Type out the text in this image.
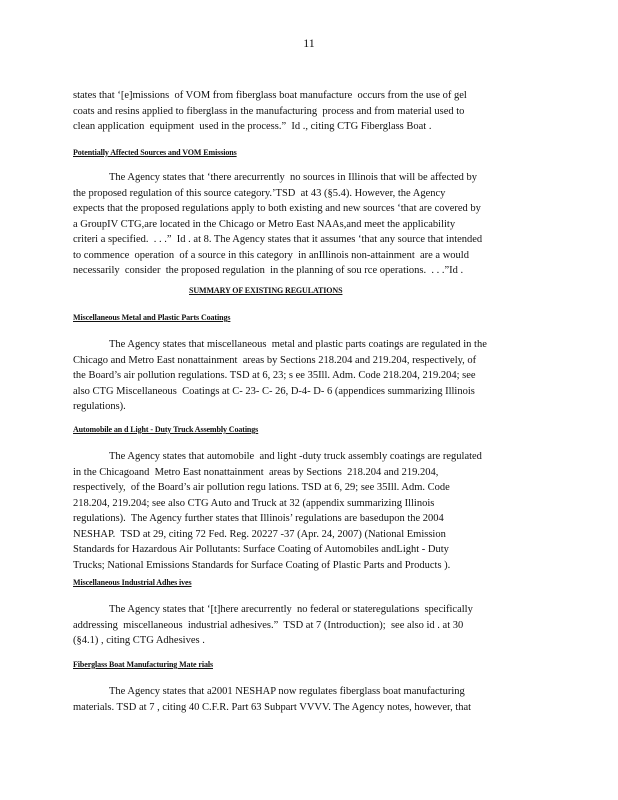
11
states that ‘[e]missions  of VOM from fiberglass boat manufacture  occurs from the use of gel
coats and resins applied to fiberglass in the manufacturing  process and from material used to
clean application  equipment  used in the process.”  Id ., citing CTG Fiberglass Boat .
Potentially Affected Sources and VOM Emissions
The Agency states that ‘there arecurrently  no sources in Illinois that will be affected by
the proposed regulation of this source category.’TSD  at 43 (§5.4). However, the Agency
expects that the proposed regulations apply to both existing and new sources ‘that are covered by
a GroupIV CTG,are located in the Chicago or Metro East NAAs,and meet the applicability
criteri a specified.  . . .”  Id . at 8. The Agency states that it assumes ‘that any source that intended
to commence  operation  of a source in this category  in anIllinois non-attainment  are a would
necessarily  consider  the proposed regulation  in the planning of sou rce operations.  . . .”Id .
SUMMARY OF EXISTING REGULATIONS
Miscellaneous Metal and Plastic Parts Coatings
The Agency states that miscellaneous  metal and plastic parts coatings are regulated in the
Chicago and Metro East nonattainment  areas by Sections 218.204 and 219.204, respectively, of
the Board’s air pollution regulations. TSD at 6, 23; s ee 35Ill. Adm. Code 218.204, 219.204; see
also CTG Miscellaneous  Coatings at C- 23- C- 26, D-4- D- 6 (appendices summarizing Illinois
regulations).
Automobile an d Light - Duty Truck Assembly Coatings
The Agency states that automobile  and light -duty truck assembly coatings are regulated
in the Chicagoand  Metro East nonattainment  areas by Sections  218.204 and 219.204,
respectively,  of the Board’s air pollution regu lations. TSD at 6, 29; see 35Ill. Adm. Code
218.204, 219.204; see also CTG Auto and Truck at 32 (appendix summarizing Illinois
regulations).  The Agency further states that Illinois’ regulations are basedupon the 2004
NESHAP.  TSD at 29, citing 72 Fed. Reg. 20227 -37 (Apr. 24, 2007) (National Emission
Standards for Hazardous Air Pollutants: Surface Coating of Automobiles andLight - Duty
Trucks; National Emissions Standards for Surface Coating of Plastic Parts and Products ).
Miscellaneous Industrial Adhes ives
The Agency states that ‘[t]here arecurrently  no federal or stateregulations  specifically
addressing  miscellaneous  industrial adhesives.”  TSD at 7 (Introduction);  see also id . at 30
(§4.1) , citing CTG Adhesives .
Fiberglass Boat Manufacturing Mate rials
The Agency states that a2001 NESHAP now regulates fiberglass boat manufacturing
materials. TSD at 7 , citing 40 C.F.R. Part 63 Subpart VVVV. The Agency notes, however, that
